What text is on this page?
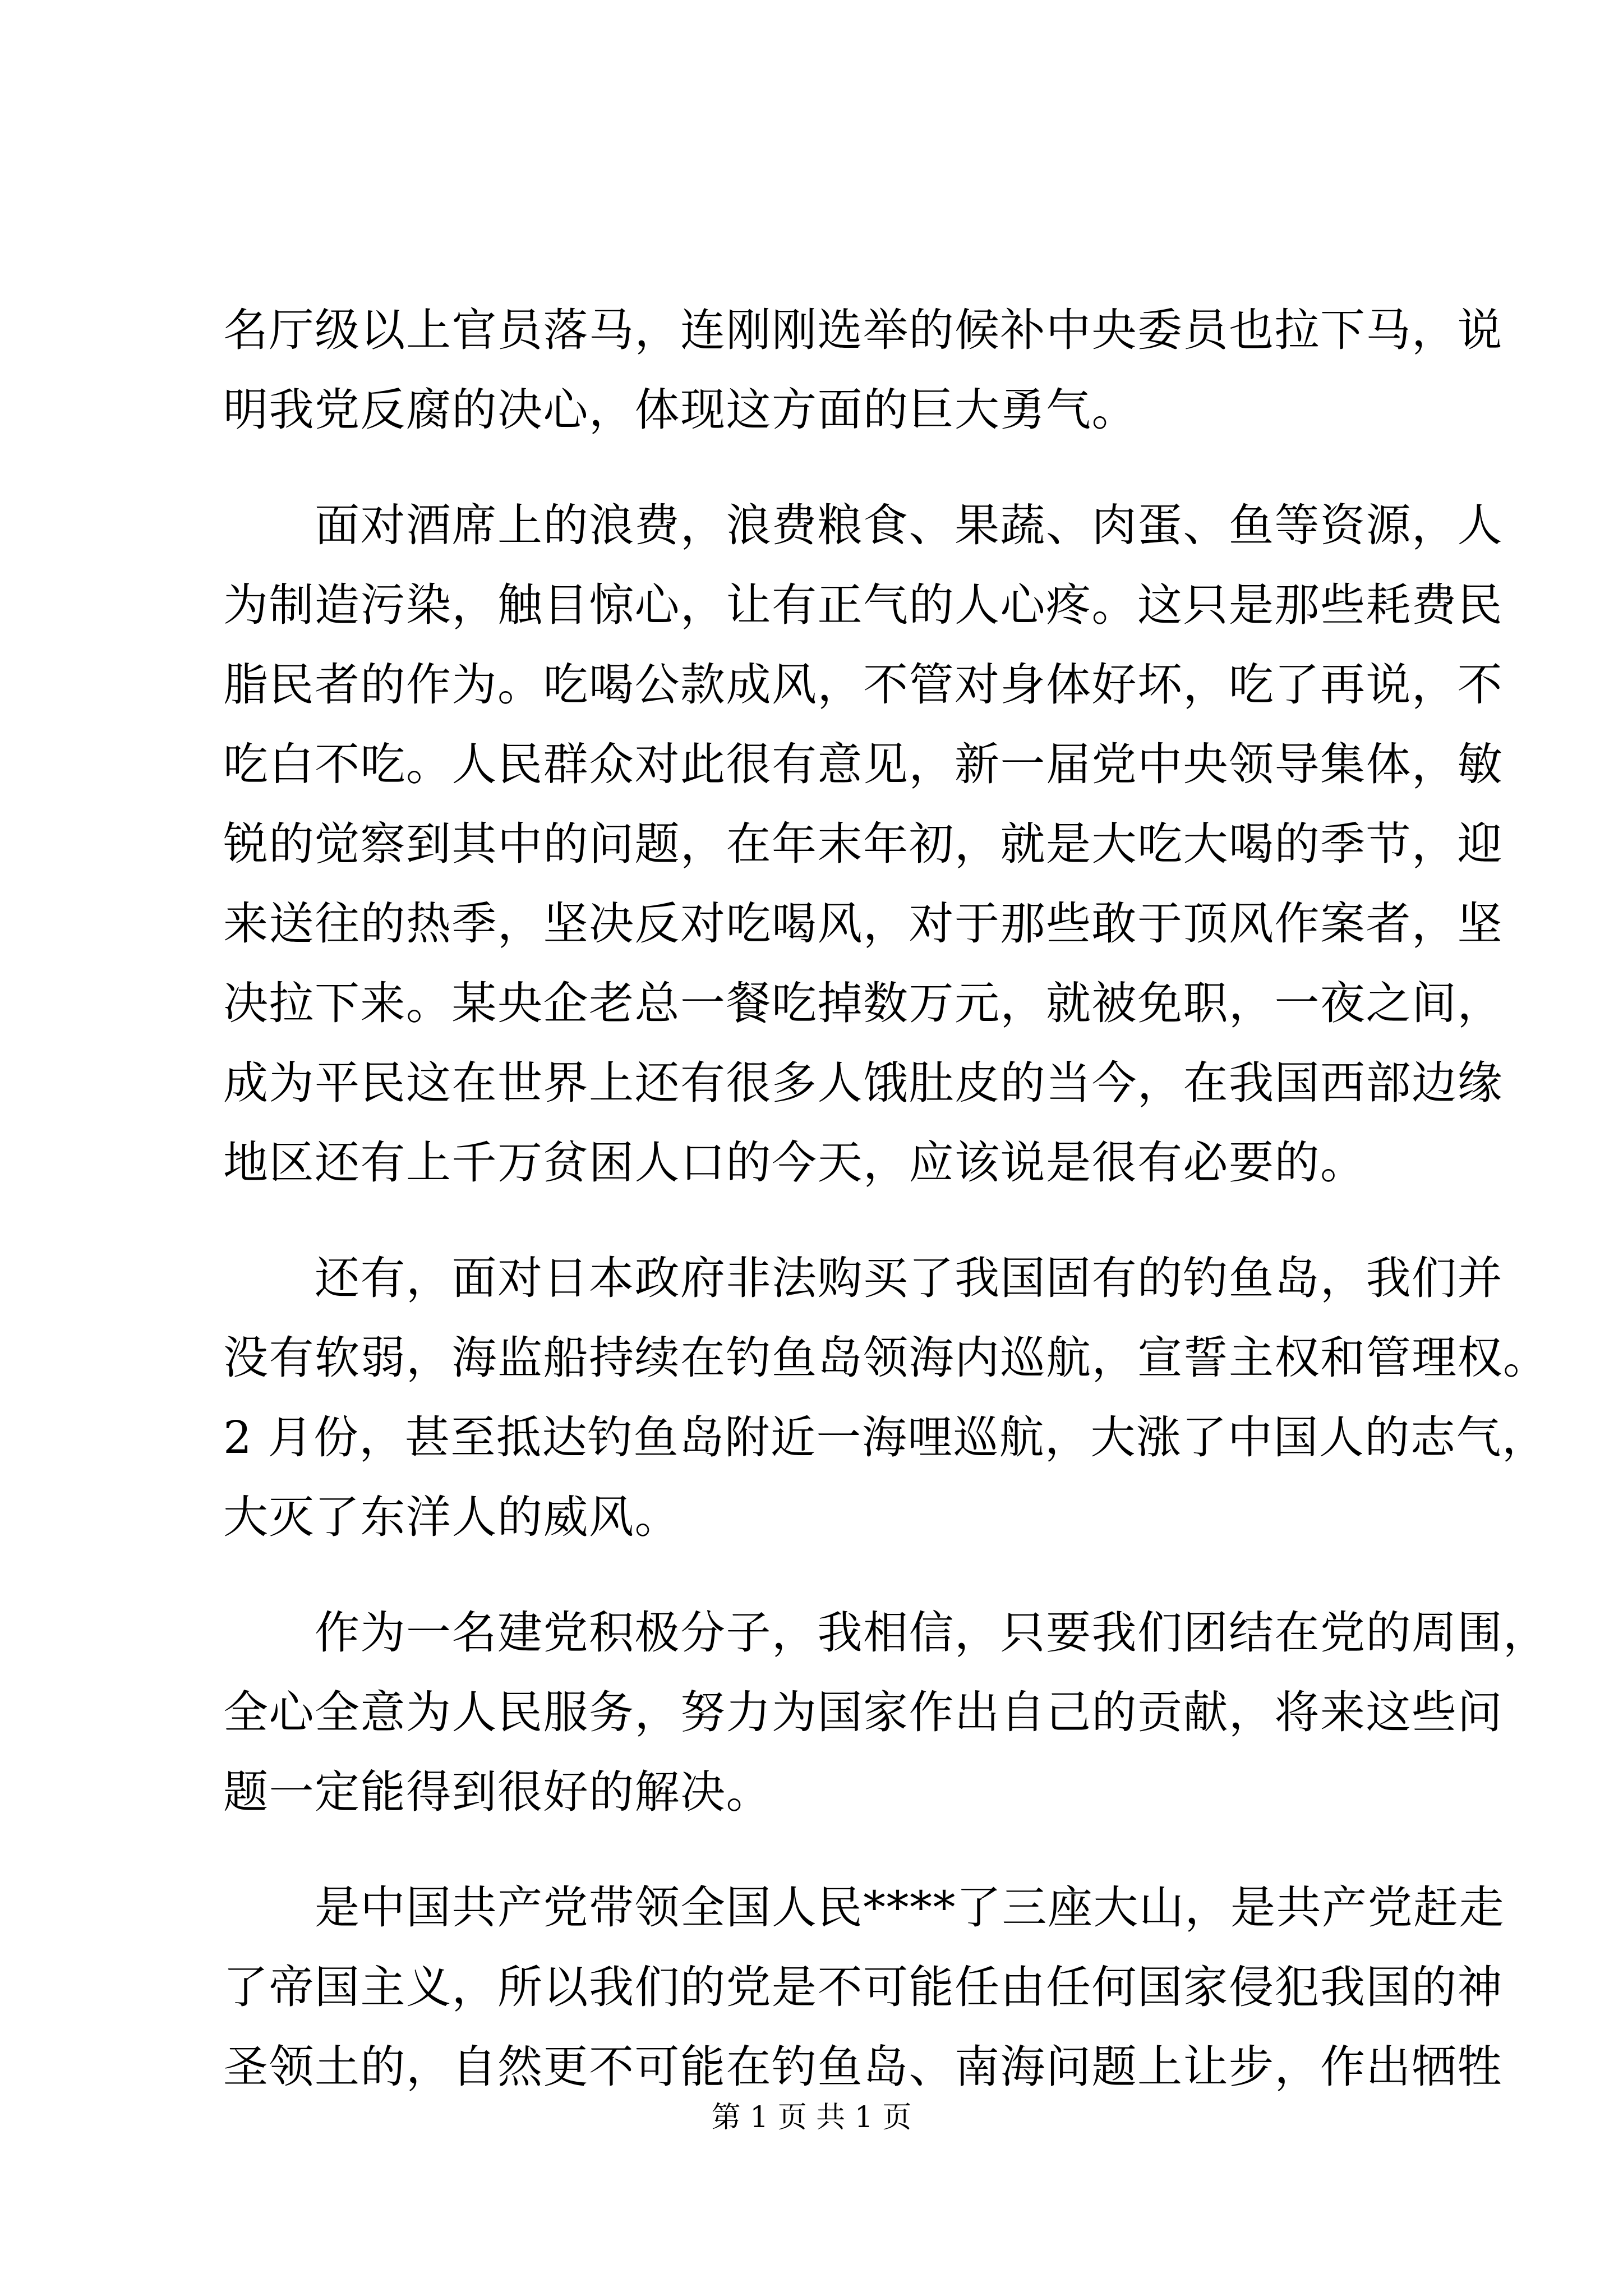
名厅级以上官员落马，连刚刚选举的候补中央委员也拉下马，说
明我党反腐的决心，体现这方面的巨大勇气。
　　面对酒席上的浪费，浪费粮食、果蔬、肉蛋、鱼等资源，人
为制造污染，触目惊心，让有正气的人心疼。这只是那些耗费民
脂民者的作为。吃喝公款成风，不管对身体好坏，吃了再说，不
吃白不吃。人民群众对此很有意见，新一届党中央领导集体，敏
锐的觉察到其中的问题，在年末年初，就是大吃大喝的季节，迎
来送往的热季，坚决反对吃喝风，对于那些敢于顶风作案者，坚
决拉下来。某央企老总一餐吃掉数万元，就被免职，一夜之间，
成为平民这在世界上还有很多人饿肚皮的当今，在我国西部边缘
地区还有上千万贫困人口的今天，应该说是很有必要的。
　　还有，面对日本政府非法购买了我国固有的钓鱼岛，我们并
没有软弱，海监船持续在钓鱼岛领海内巡航，宣誓主权和管理权。
2 月份，甚至抵达钓鱼岛附近一海哩巡航，大涨了中国人的志气，
大灭了东洋人的威风。
　　作为一名建党积极分子，我相信，只要我们团结在党的周围，
全心全意为人民服务，努力为国家作出自己的贡献，将来这些问
题一定能得到很好的解决。
　　是中国共产党带领全国人民****了三座大山，是共产党赶走
了帝国主义，所以我们的党是不可能任由任何国家侵犯我国的神
圣领土的，自然更不可能在钓鱼岛、南海问题上让步，作出牺牲
第 1 页 共 1 页
